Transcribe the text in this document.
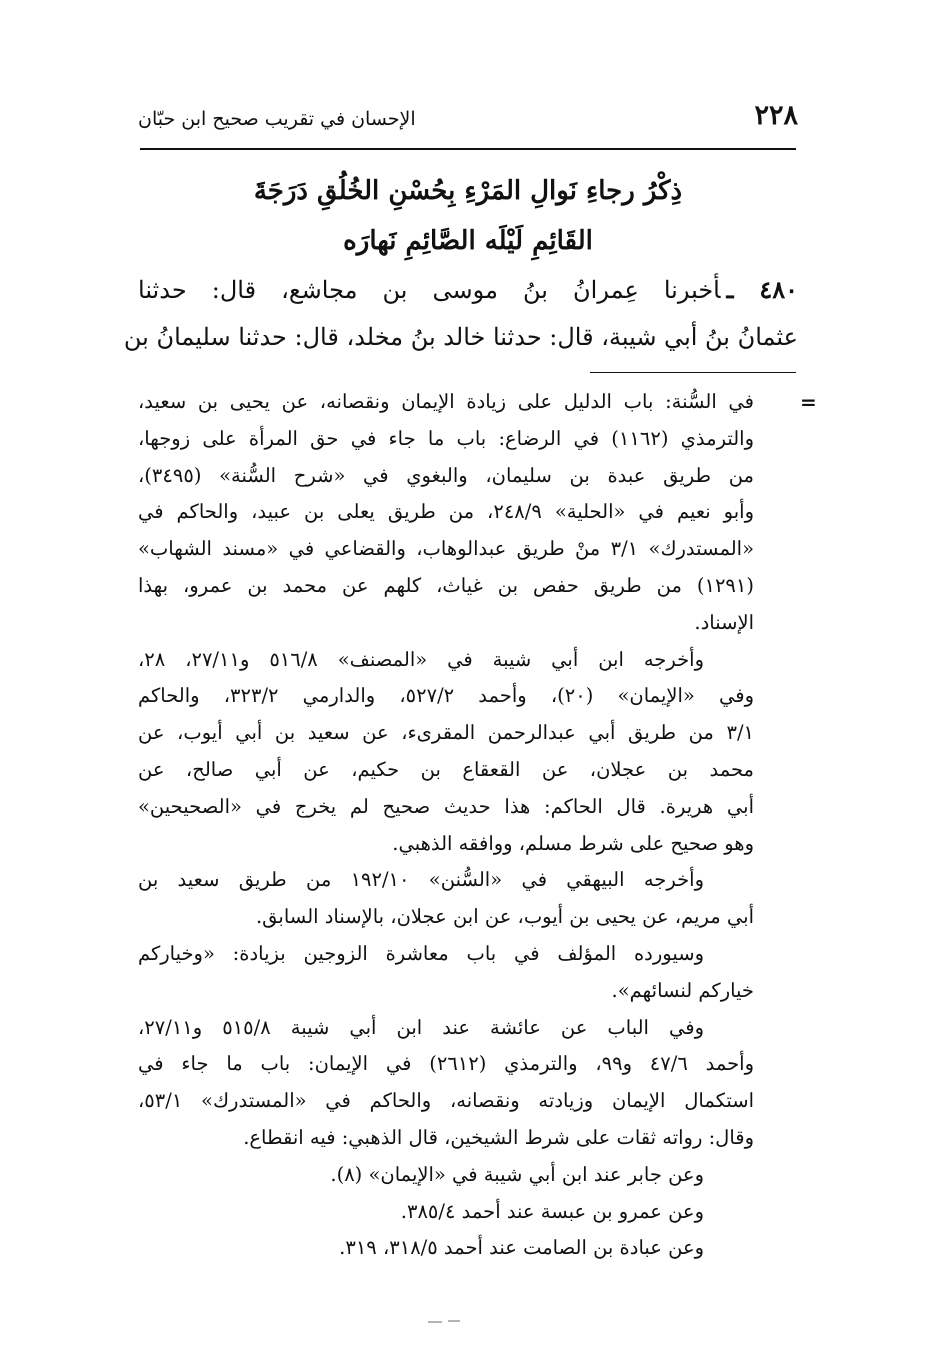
٢٢٨
الإحسان في تقريب صحيح ابن حبّان
ذِكْرُ رجاءِ نَوالِ المَرْءِ بِحُسْنِ الخُلُقِ دَرَجَةَ
القَائِمِ لَيْلَه الصَّائِمِ نَهارَه
٤٨٠ ـأخبرنا عِمرانُ بنُ موسى بن مجاشع، قال: حدثنا
عثمانُ بنُ أبي شيبة، قال: حدثنا خالد بنُ مخلد، قال: حدثنا سليمانُ بن
=
في السُّنة: باب الدليل على زيادة الإيمان ونقصانه، عن يحيى بن سعيد،
والترمذي (١١٦٢) في الرضاع: باب ما جاء في حق المرأة على زوجها،
من طريق عبدة بن سليمان، والبغوي في «شرح السُّنة» (٣٤٩٥)،
وأبو نعيم في «الحلية» ٢٤٨/٩، من طريق يعلى بن عبيد، والحاكم في
«المستدرك» ٣/١ منْ طريق عبدالوهاب، والقضاعي في «مسند الشهاب»
(١٢٩١) من طريق حفص بن غياث، كلهم عن محمد بن عمرو، بهذا
الإسناد.
وأخرجه ابن أبي شيبة في «المصنف» ٥١٦/٨ و٢٧/١١، ٢٨،
وفي «الإيمان» (٢٠)، وأحمد ٥٢٧/٢، والدارمي ٣٢٣/٢، والحاكم
٣/١ من طريق أبي عبدالرحمن المقرىء، عن سعيد بن أبي أيوب، عن
محمد بن عجلان، عن القعقاع بن حكيم، عن أبي صالح، عن
أبي هريرة. قال الحاكم: هذا حديث صحيح لم يخرج في «الصحيحين»
وهو صحيح على شرط مسلم، ووافقه الذهبي.
وأخرجه البيهقي في «السُّنن» ١٩٢/١٠ من طريق سعيد بن
أبي مريم، عن يحيى بن أيوب، عن ابن عجلان، بالإسناد السابق.
وسيورده المؤلف في باب معاشرة الزوجين بزيادة: «وخياركم
خياركم لنسائهم».
وفي الباب عن عائشة عند ابن أبي شيبة ٥١٥/٨ و٢٧/١١،
وأحمد ٤٧/٦ و٩٩، والترمذي (٢٦١٢) في الإيمان: باب ما جاء في
استكمال الإيمان وزيادته ونقصانه، والحاكم في «المستدرك» ٥٣/١،
وقال: رواته ثقات على شرط الشيخين، قال الذهبي: فيه انقطاع.
وعن جابر عند ابن أبي شيبة في «الإيمان» (٨).
وعن عمرو بن عبسة عند أحمد ٣٨٥/٤.
وعن عبادة بن الصامت عند أحمد ٣١٨/٥، ٣١٩.
